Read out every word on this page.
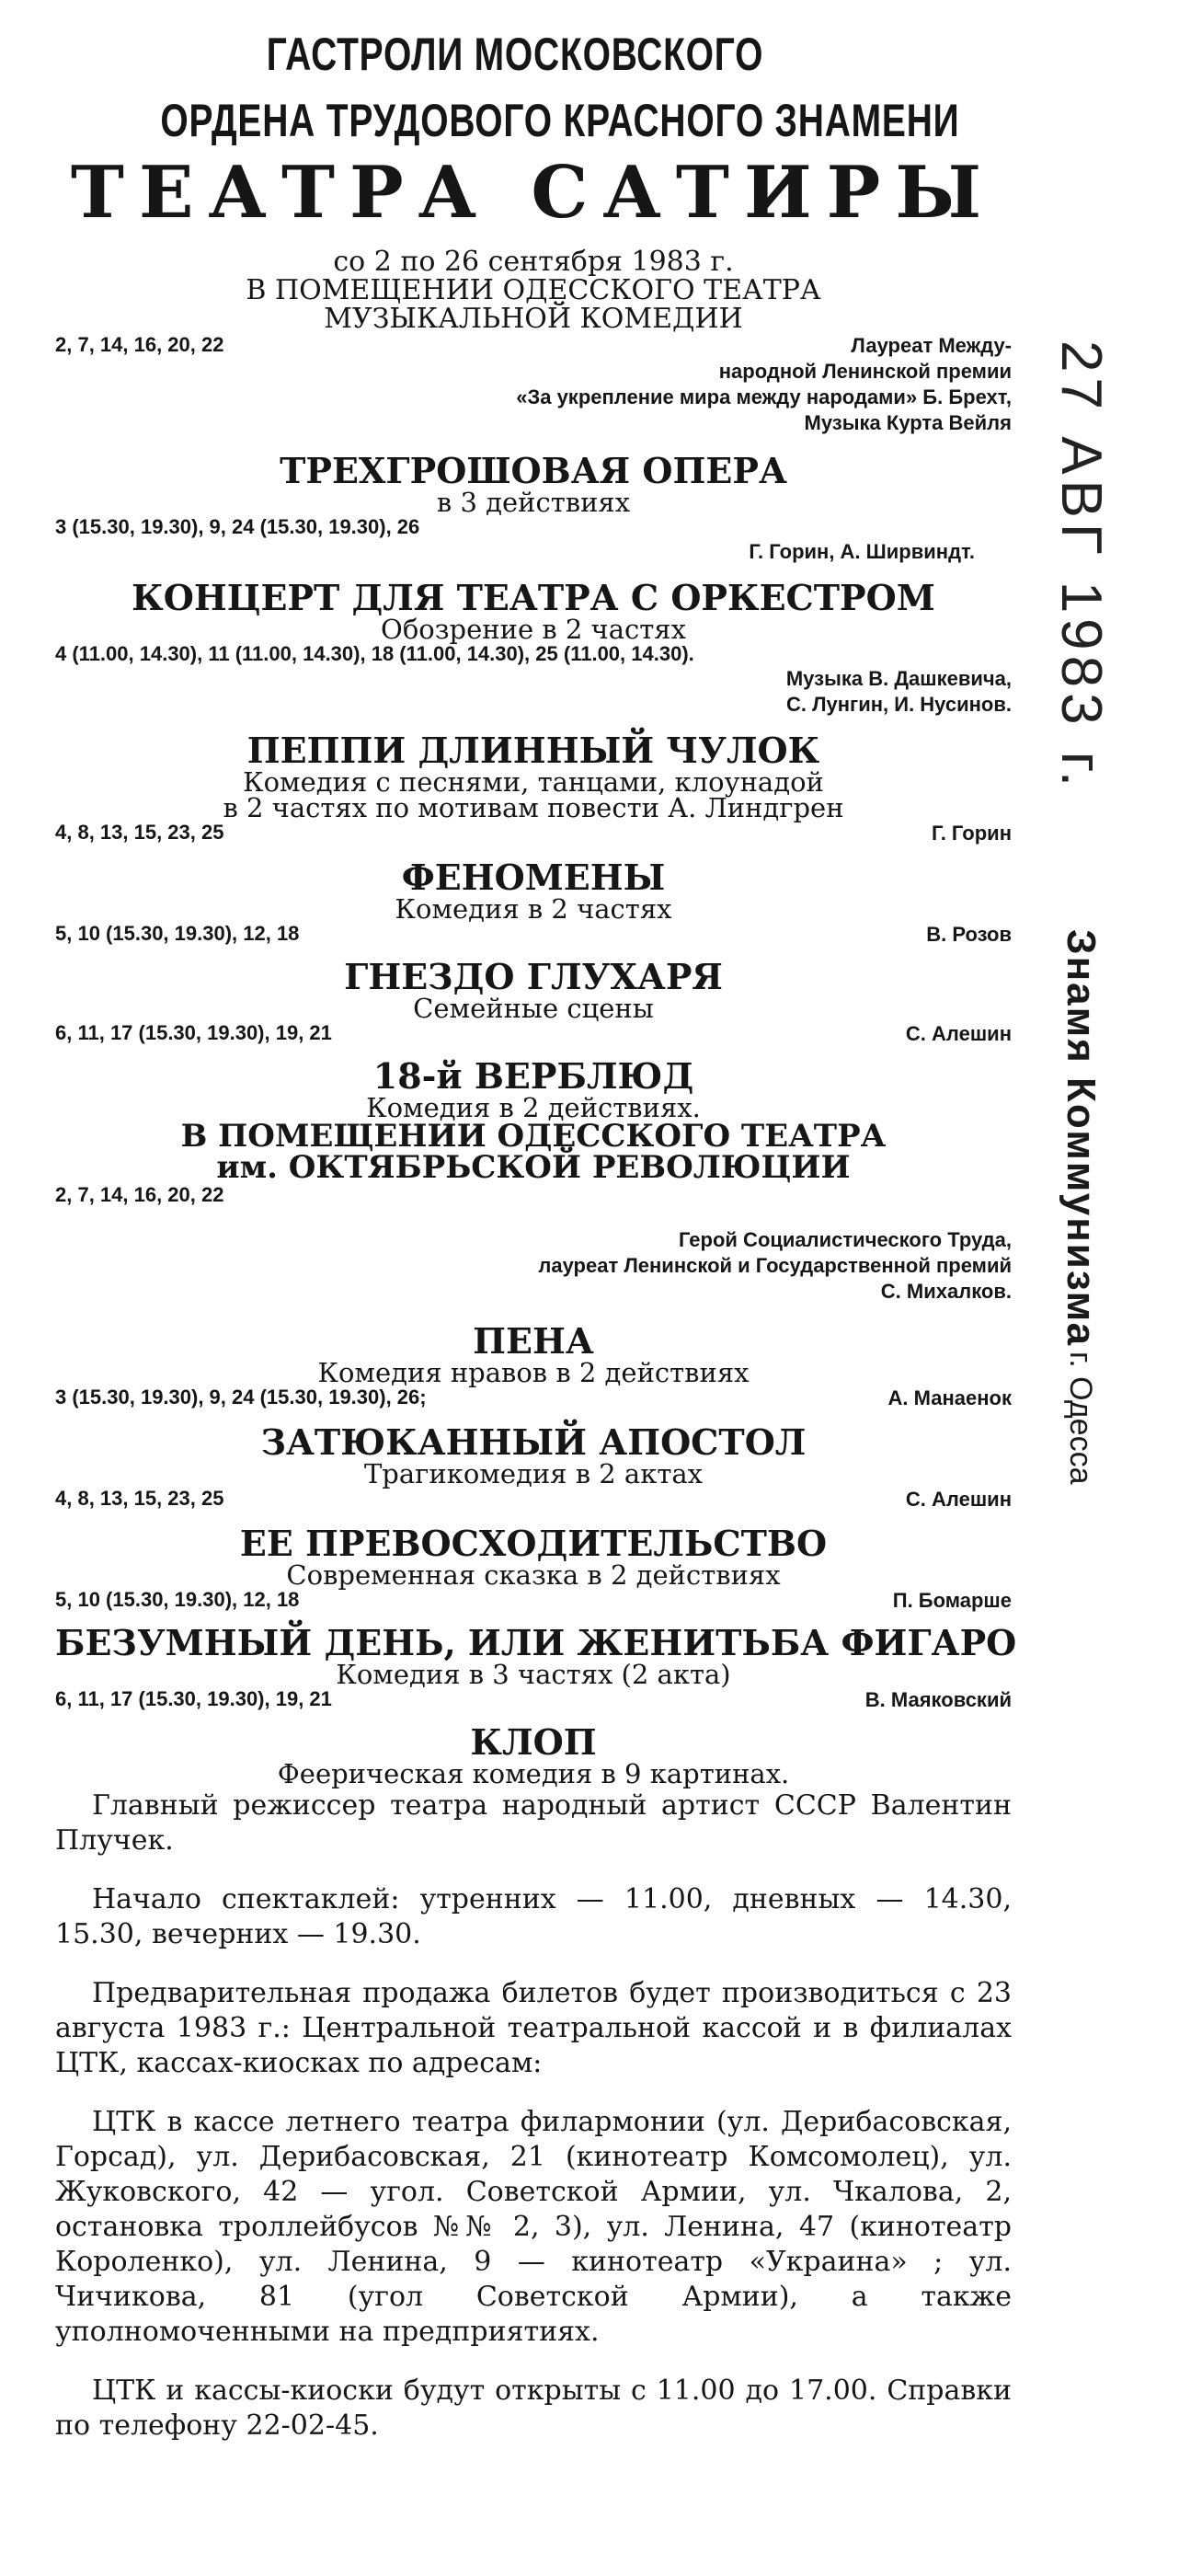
ГАСТРОЛИ МОСКОВСКОГО
ОРДЕНА ТРУДОВОГО КРАСНОГО ЗНАМЕНИ
ТЕАТРА САТИРЫ
со 2 по 26 сентября 1983 г.
В ПОМЕЩЕНИИ ОДЕССКОГО ТЕАТРА
МУЗЫКАЛЬНОЙ КОМЕДИИ
2, 7, 14, 16, 20, 22	Лауреат Между-
народной Ленинской премии
«За укрепление мира между народами» Б. Брехт,
Музыка Курта Вейля
ТРЕХГРОШОВАЯ ОПЕРА
в 3 действиях
3 (15.30, 19.30), 9, 24 (15.30, 19.30), 26
Г. Горин, А. Ширвиндт.
КОНЦЕРТ ДЛЯ ТЕАТРА С ОРКЕСТРОМ
Обозрение в 2 частях
4 (11.00, 14.30), 11 (11.00, 14.30), 18 (11.00, 14.30), 25 (11.00, 14.30).
Музыка В. Дашкевича,
С. Лунгин, И. Нусинов.
ПЕППИ ДЛИННЫЙ ЧУЛОК
Комедия с песнями, танцами, клоунадой
в 2 частях по мотивам повести А. Линдгрен
4, 8, 13, 15, 23, 25	Г. Горин
ФЕНОМЕНЫ
Комедия в 2 частях
5, 10 (15.30, 19.30), 12, 18	В. Розов
ГНЕЗДО ГЛУХАРЯ
Семейные сцены
6, 11, 17 (15.30, 19.30), 19, 21	С. Алешин
18-й ВЕРБЛЮД
Комедия в 2 действиях.
В ПОМЕЩЕНИИ ОДЕССКОГО ТЕАТРА
им. ОКТЯБРЬСКОЙ РЕВОЛЮЦИИ
2, 7, 14, 16, 20, 22
Герой Социалистического Труда,
лауреат Ленинской и Государственной премий
С. Михалков.
ПЕНА
Комедия нравов в 2 действиях
3 (15.30, 19.30), 9, 24 (15.30, 19.30), 26;	А. Манаенок
ЗАТЮКАННЫЙ АПОСТОЛ
Трагикомедия в 2 актах
4, 8, 13, 15, 23, 25	С. Алешин
ЕЕ ПРЕВОСХОДИТЕЛЬСТВО
Современная сказка в 2 действиях
5, 10 (15.30, 19.30), 12, 18	П. Бомарше
БЕЗУМНЫЙ ДЕНЬ, ИЛИ ЖЕНИТЬБА ФИГАРО
Комедия в 3 частях (2 акта)
6, 11, 17 (15.30, 19.30), 19, 21	В. Маяковский
КЛОП
Феерическая комедия в 9 картинах.
Главный режиссер театра народный артист СССР Валентин Плучек.
Начало спектаклей: утренних — 11.00, дневных — 14.30, 15.30, вечерних — 19.30.
Предварительная продажа билетов будет производиться с 23 августа 1983 г.: Центральной театральной кассой и в филиалах ЦТК, кассах-киосках по адресам:
ЦТК в кассе летнего театра филармонии (ул. Дерибасовская, Горсад), ул. Дерибасовская, 21 (кинотеатр Комсомолец), ул. Жуковского, 42 — угол. Советской Армии, ул. Чкалова, 2, остановка троллейбусов №№ 2, 3), ул. Ленина, 47 (кинотеатр Короленко), ул. Ленина, 9 — кинотеатр «Украина» ; ул. Чичикова, 81 (угол Советской Армии), а также уполномоченными на предприятиях.
ЦТК и кассы-киоски будут открыты с 11.00 до 17.00. Справки по телефону 22-02-45.
27 АВГ 1983 г.
Знамя Коммунизма г. Одесса
